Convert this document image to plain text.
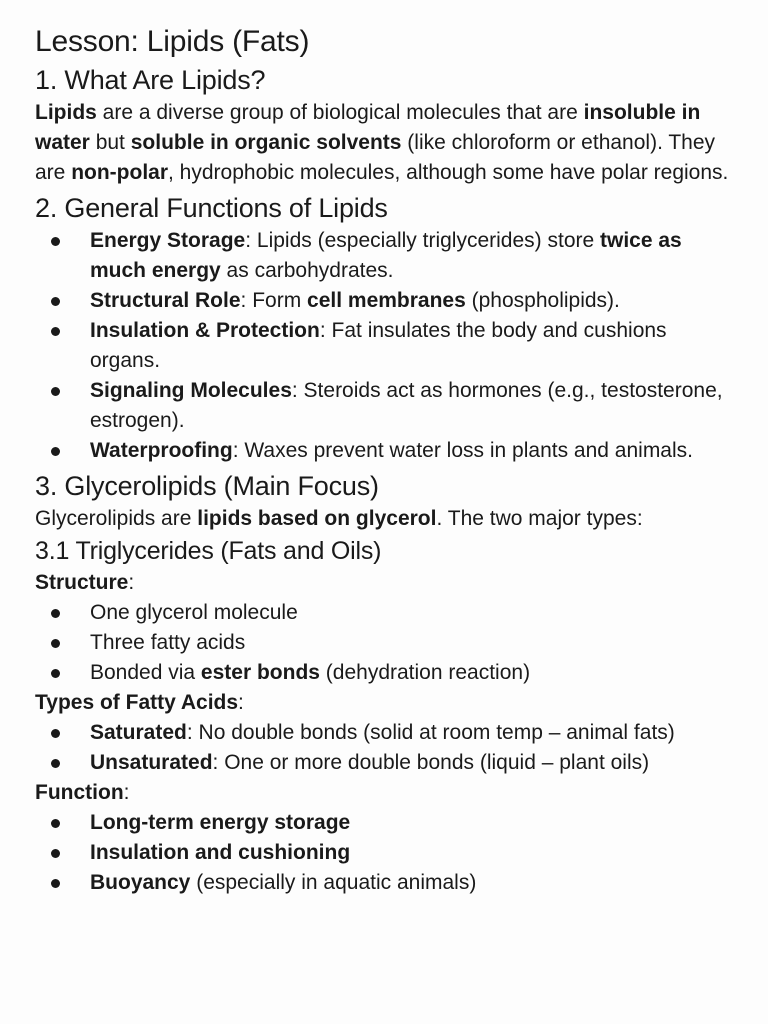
Lesson: Lipids (Fats)
1. What Are Lipids?

Lipids are a diverse group of biological molecules that are insoluble in water but soluble in organic solvents (like chloroform or ethanol). They are non-polar, hydrophobic molecules, although some have polar regions.

2. General Functions of Lipids
Energy Storage: Lipids (especially triglycerides) store twice as much energy as carbohydrates.
Structural Role: Form cell membranes (phospholipids).
Insulation & Protection: Fat insulates the body and cushions organs.
Signaling Molecules: Steroids act as hormones (e.g., testosterone, estrogen).
Waterproofing: Waxes prevent water loss in plants and animals.
3. Glycerolipids (Main Focus)

Glycerolipids are lipids based on glycerol. The two major types:

3.1 Triglycerides (Fats and Oils)

Structure:

One glycerol molecule
Three fatty acids
Bonded via ester bonds (dehydration reaction)

Types of Fatty Acids:

Saturated: No double bonds (solid at room temp – animal fats)
Unsaturated: One or more double bonds (liquid – plant oils)

Function:

Long-term energy storage
Insulation and cushioning
Buoyancy (especially in aquatic animals)
